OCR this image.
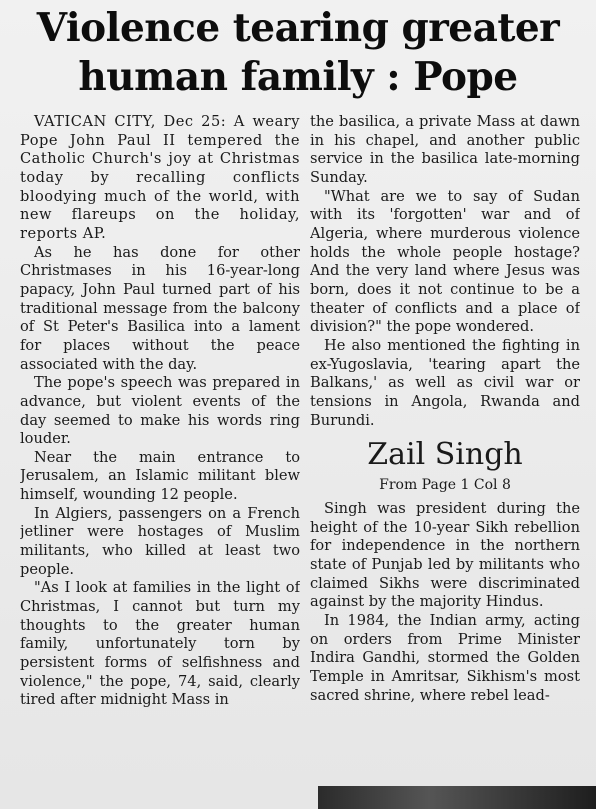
Violence tearing greater
human family : Pope

VATICAN CITY, Dec 25: A weary Pope John Paul II tempered the Catholic Church's joy at Christmas today by recalling conflicts bloodying much of the world, with new flareups on the holiday, reports AP.

As he has done for other Christmases in his 16-year-long papacy, John Paul turned part of his traditional message from the balcony of St Peter's Basilica into a lament for places without the peace associated with the day.

The pope's speech was prepared in advance, but violent events of the day seemed to make his words ring louder.

Near the main entrance to Jerusalem, an Islamic militant blew himself, wounding 12 people.

In Algiers, passengers on a French jetliner were hostages of Muslim militants, who killed at least two people.

"As I look at families in the light of Christmas, I cannot but turn my thoughts to the greater human family, unfortunately torn by persistent forms of selfishness and violence," the pope, 74, said, clearly tired after midnight Mass in

the basilica, a private Mass at dawn in his chapel, and another public service in the basilica late-morning Sunday.

"What are we to say of Sudan with its 'forgotten' war and of Algeria, where murderous violence holds the whole people hostage? And the very land where Jesus was born, does it not continue to be a theater of conflicts and a place of division?" the pope wondered.

He also mentioned the fighting in ex-Yugoslavia, 'tearing apart the Balkans,' as well as civil war or tensions in Angola, Rwanda and Burundi.

Zail Singh
From Page 1 Col 8

Singh was president during the height of the 10-year Sikh rebellion for independence in the northern state of Punjab led by militants who claimed Sikhs were discriminated against by the majority Hindus.

In 1984, the Indian army, acting on orders from Prime Minister Indira Gandhi, stormed the Golden Temple in Amritsar, Sikhism's most sacred shrine, where rebel lead-
